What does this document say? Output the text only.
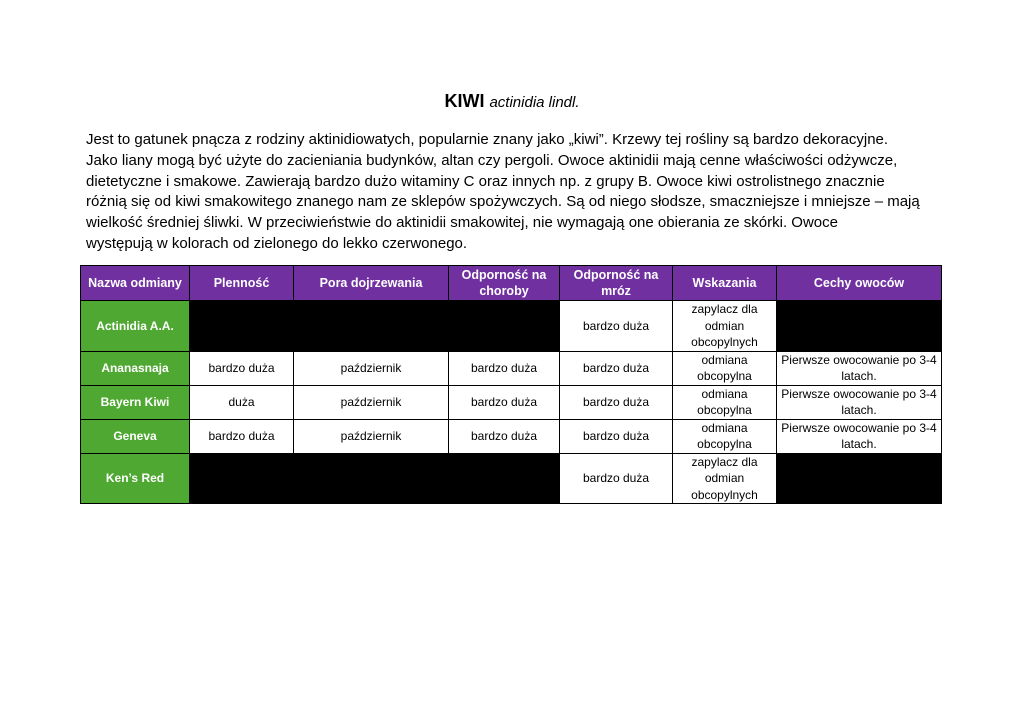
KIWI actinidia lindl.

Jest to gatunek pnącza z rodziny aktinidiowatych, popularnie znany jako „kiwi”. Krzewy tej rośliny są bardzo dekoracyjne.
Jako liany mogą być użyte do zacieniania budynków, altan czy pergoli. Owoce aktinidii mają cenne właściwości odżywcze,
dietetyczne i smakowe. Zawierają bardzo dużo witaminy C oraz innych np. z grupy B. Owoce kiwi ostrolistnego znacznie
różnią się od kiwi smakowitego znanego nam ze sklepów spożywczych. Są od niego słodsze, smaczniejsze i mniejsze – mają
wielkość średniej śliwki. W przeciwieństwie do aktinidii smakowitej, nie wymagają one obierania ze skórki. Owoce
występują w kolorach od zielonego do lekko czerwonego.

Nazwa odmiany	Plenność	Pora dojrzewania	Odporność na choroby	Odporność na mróz	Wskazania	Cechy owoców
Actinidia A.A.				bardzo duża	zapylacz dla odmian obcopylnych	
Ananasnaja	bardzo duża	październik	bardzo duża	bardzo duża	odmiana obcopylna	Pierwsze owocowanie po 3-4 latach.
Bayern Kiwi	duża	październik	bardzo duża	bardzo duża	odmiana obcopylna	Pierwsze owocowanie po 3-4 latach.
Geneva	bardzo duża	październik	bardzo duża	bardzo duża	odmiana obcopylna	Pierwsze owocowanie po 3-4 latach.
Ken’s Red				bardzo duża	zapylacz dla odmian obcopylnych	
